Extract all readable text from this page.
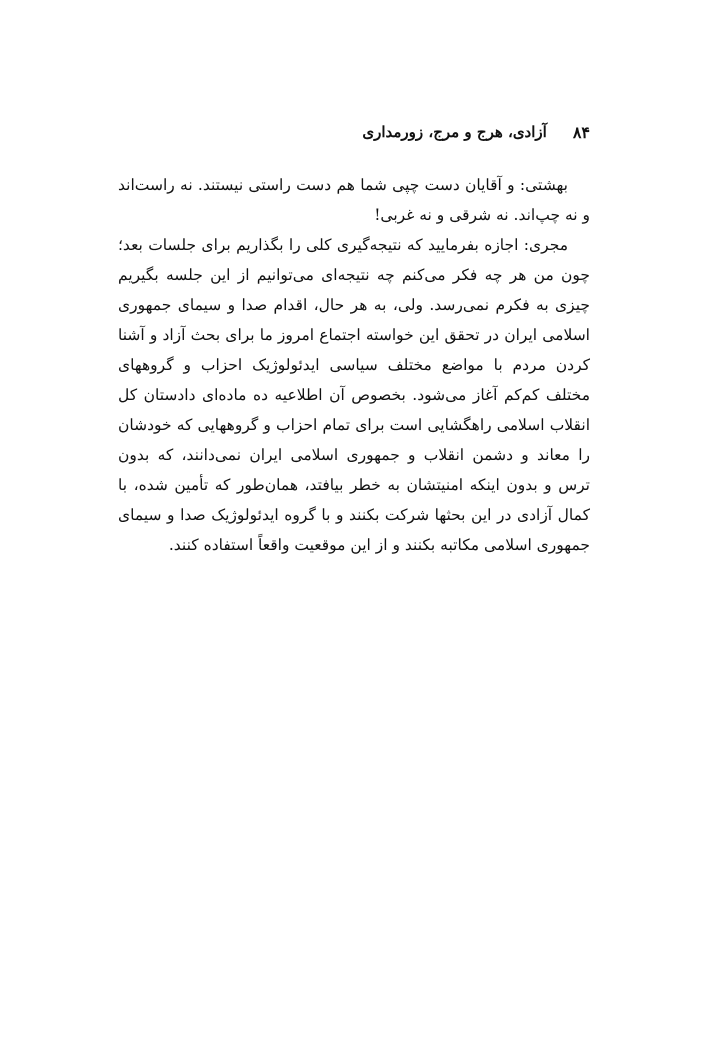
۸۴
آزادی، هرج و مرج، زورمداری

بهشتی: و آقایان دست چپی شما هم دست راستی نیستند. نه راست‌اند و نه چپ‌اند. نه شرقی و نه غربی!

مجری: اجازه بفرمایید که نتیجه‌گیری کلی را بگذاریم برای جلسات بعد؛ چون من هر چه فکر می‌کنم چه نتیجه‌ای می‌توانیم از این جلسه بگیریم چیزی به فکرم نمی‌رسد. ولی، به هر حال، اقدام صدا و سیمای جمهوری اسلامی ایران در تحقق این خواسته اجتماع امروز ما برای بحث آزاد و آشنا کردن مردم با مواضع مختلف سیاسی ایدئولوژیک احزاب و گروههای مختلف کم‌کم آغاز می‌شود. بخصوص آن اطلاعیه ده ماده‌ای دادستان کل انقلاب اسلامی راهگشایی است برای تمام احزاب و گروههایی که خودشان را معاند و دشمن انقلاب و جمهوری اسلامی ایران نمی‌دانند، که بدون ترس و بدون اینکه امنیتشان به خطر بیافتد، همان‌طور که تأمین شده، با کمال آزادی در این بحثها شرکت بکنند و با گروه ایدئولوژیک صدا و سیمای جمهوری اسلامی مکاتبه بکنند و از این موقعیت واقعاً استفاده کنند.
